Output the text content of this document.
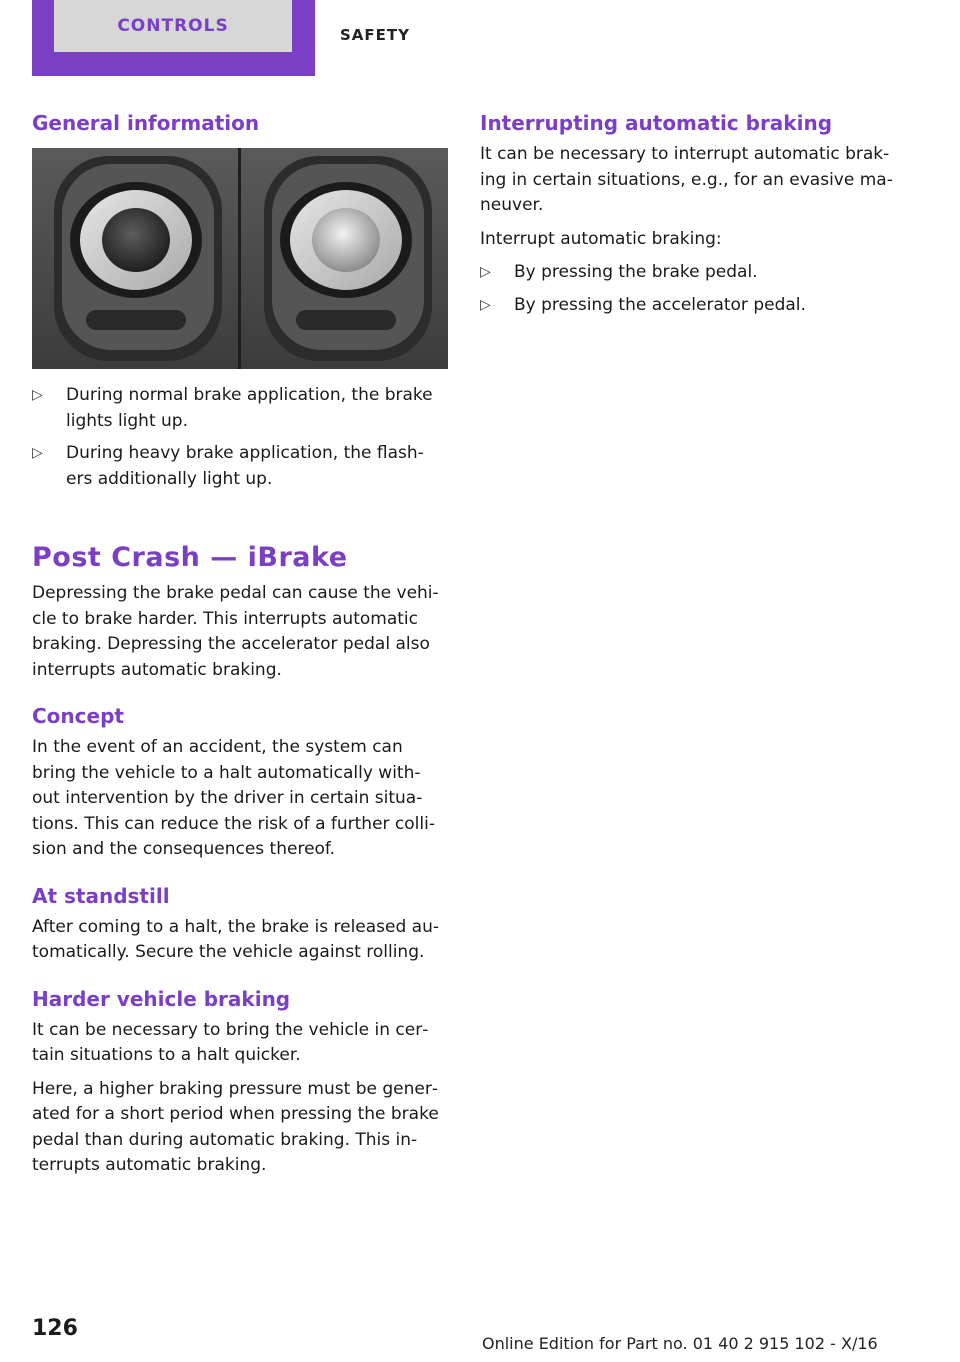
CONTROLS	SAFETY
General information
▷ During normal brake application, the brake lights light up.
▷ During heavy brake application, the flash‐ers additionally light up.
Post Crash — iBrake

Depressing the brake pedal can cause the vehi‐cle to brake harder. This interrupts automatic braking. Depressing the accelerator pedal also interrupts automatic braking.

Concept

In the event of an accident, the system can bring the vehicle to a halt automatically with‐out intervention by the driver in certain situa‐tions. This can reduce the risk of a further colli‐sion and the consequences thereof.

At standstill

After coming to a halt, the brake is released au‐tomatically. Secure the vehicle against rolling.

Harder vehicle braking

It can be necessary to bring the vehicle in cer‐tain situations to a halt quicker.

Here, a higher braking pressure must be gener‐ated for a short period when pressing the brake pedal than during automatic braking. This in‐terrupts automatic braking.

Interrupting automatic braking

It can be necessary to interrupt automatic brak‐ing in certain situations, e.g., for an evasive ma‐neuver.

Interrupt automatic braking:

▷ By pressing the brake pedal.
▷ By pressing the accelerator pedal.
126
Online Edition for Part no. 01 40 2 915 102 - X/16
